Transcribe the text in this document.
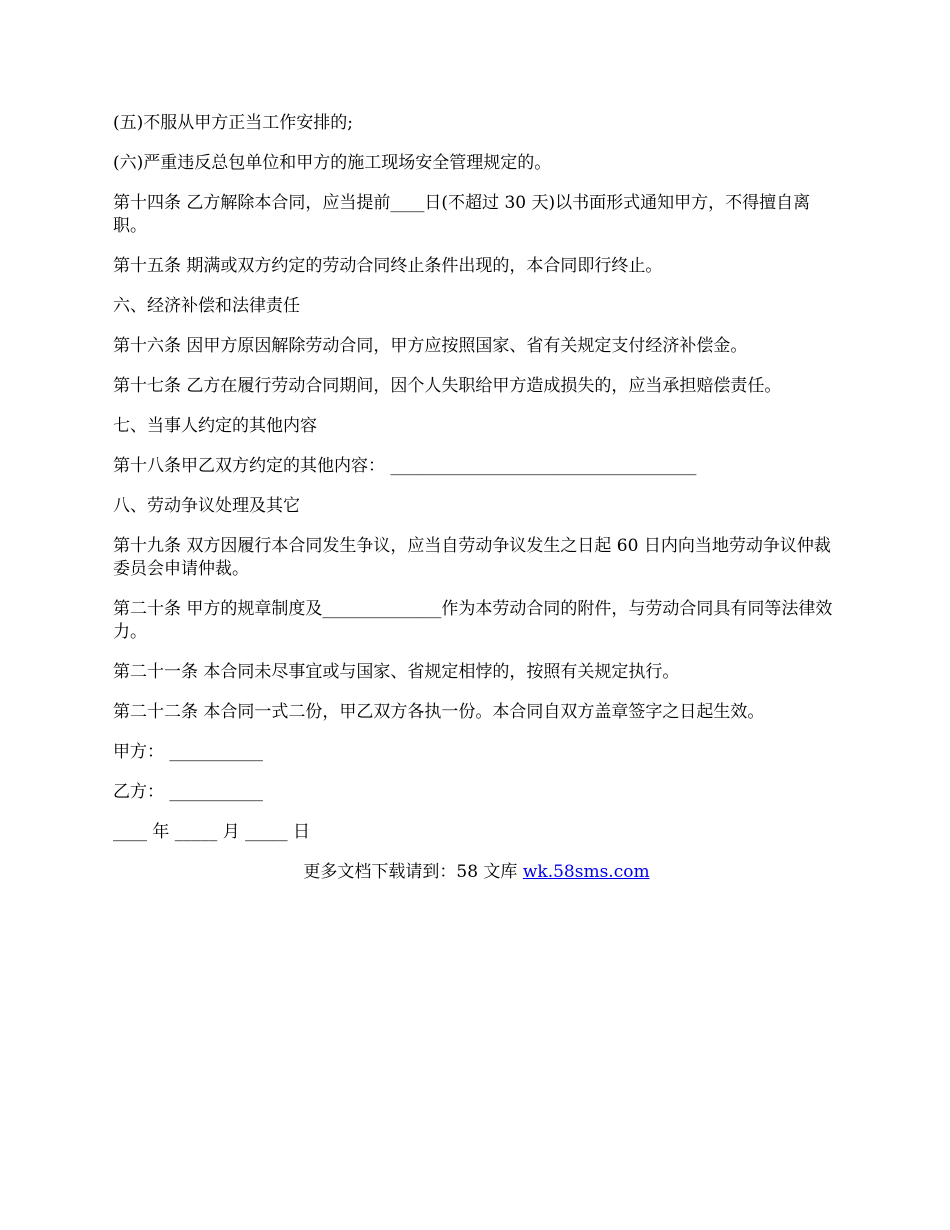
(五)不服从甲方正当工作安排的;

(六)严重违反总包单位和甲方的施工现场安全管理规定的。

第十四条 乙方解除本合同，应当提前____日(不超过 30 天)以书面形式通知甲方，不得擅自离职。

第十五条 期满或双方约定的劳动合同终止条件出现的，本合同即行终止。

六、经济补偿和法律责任

第十六条 因甲方原因解除劳动合同，甲方应按照国家、省有关规定支付经济补偿金。

第十七条 乙方在履行劳动合同期间，因个人失职给甲方造成损失的，应当承担赔偿责任。

七、当事人约定的其他内容

第十八条甲乙双方约定的其他内容： ____________________________________

八、劳动争议处理及其它

第十九条 双方因履行本合同发生争议，应当自劳动争议发生之日起 60 日内向当地劳动争议仲裁委员会申请仲裁。

第二十条 甲方的规章制度及______________作为本劳动合同的附件，与劳动合同具有同等法律效力。

第二十一条 本合同未尽事宜或与国家、省规定相悖的，按照有关规定执行。

第二十二条 本合同一式二份，甲乙双方各执一份。本合同自双方盖章签字之日起生效。

甲方： ___________

乙方： ___________

____ 年 _____ 月 _____ 日

更多文档下载请到：58 文库 wk.58sms.com
